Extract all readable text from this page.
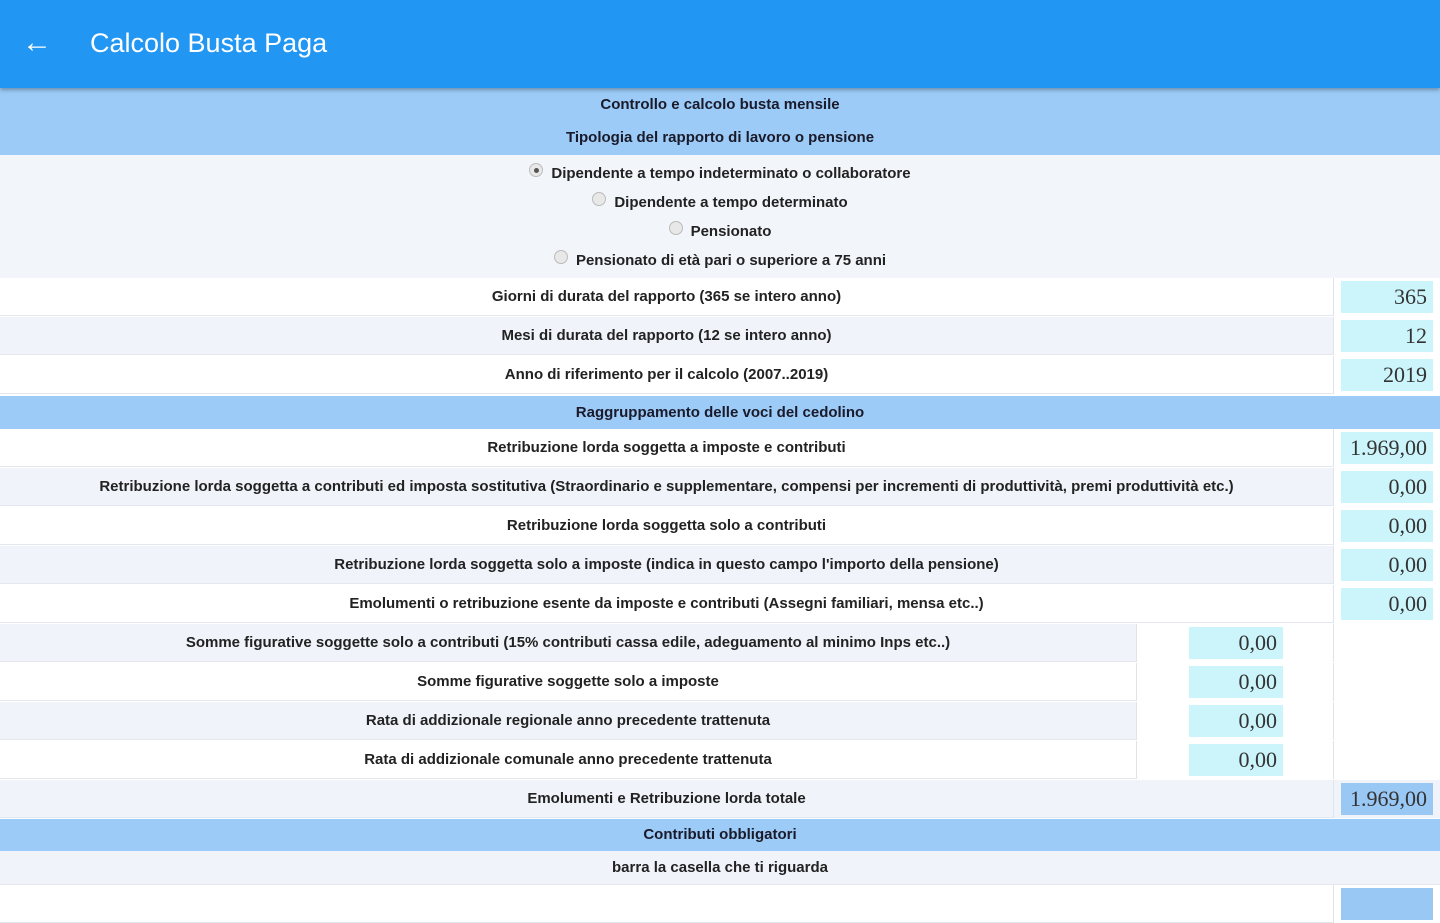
← Calcolo Busta Paga
Controllo e calcolo busta mensile
Tipologia del rapporto di lavoro o pensione
Dipendente a tempo indeterminato o collaboratore
Dipendente a tempo determinato
Pensionato
Pensionato di età pari o superiore a 75 anni
Giorni di durata del rapporto (365 se intero anno)
365
Mesi di durata del rapporto (12 se intero anno)
12
Anno di riferimento per il calcolo (2007..2019)
2019
Raggruppamento delle voci del cedolino
Retribuzione lorda soggetta a imposte e contributi
1.969,00
Retribuzione lorda soggetta a contributi ed imposta sostitutiva (Straordinario e supplementare, compensi per incrementi di produttività, premi produttività etc.)
0,00
Retribuzione lorda soggetta solo a contributi
0,00
Retribuzione lorda soggetta solo a imposte (indica in questo campo l'importo della pensione)
0,00
Emolumenti o retribuzione esente da imposte e contributi (Assegni familiari, mensa etc..)
0,00
Somme figurative soggette solo a contributi (15% contributi cassa edile, adeguamento al minimo Inps etc..)
0,00
Somme figurative soggette solo a imposte
0,00
Rata di addizionale regionale anno precedente trattenuta
0,00
Rata di addizionale comunale anno precedente trattenuta
0,00
Emolumenti e Retribuzione lorda totale
1.969,00
Contributi obbligatori
barra la casella che ti riguarda
